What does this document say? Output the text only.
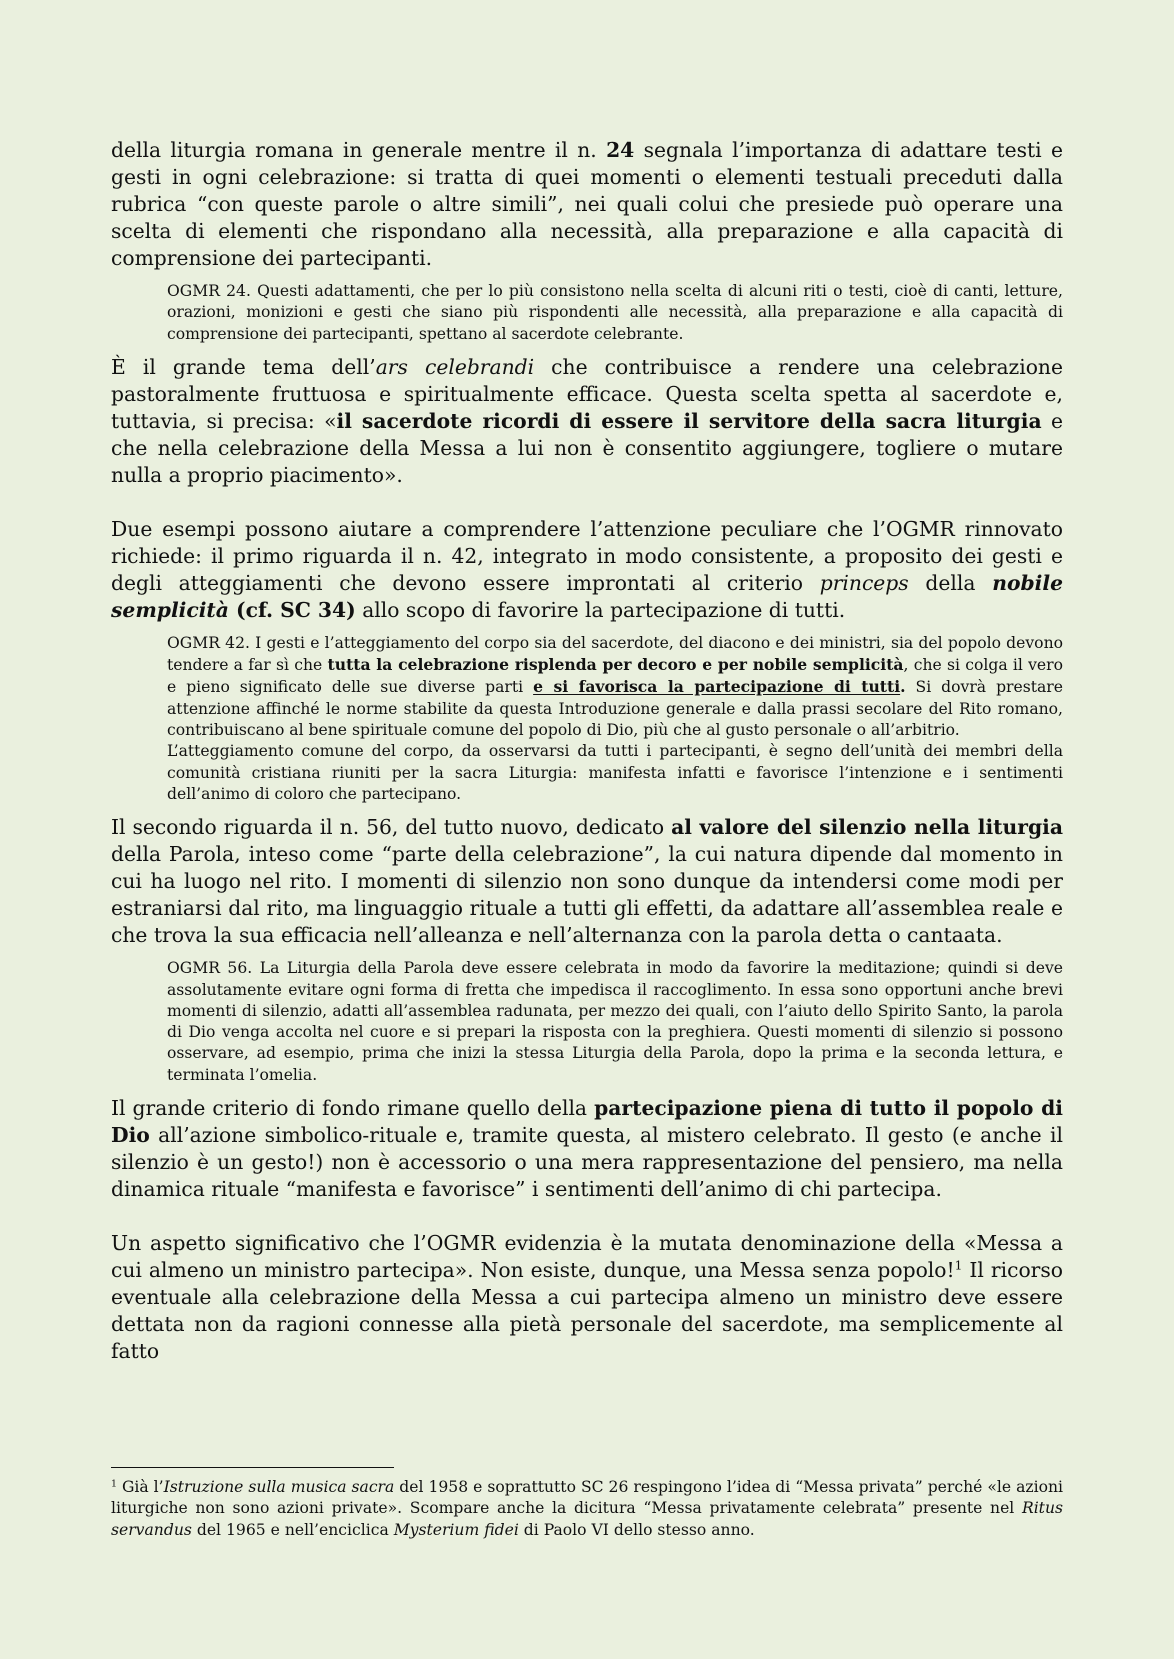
della liturgia romana in generale mentre il n. 24 segnala l’importanza di adattare testi e gesti in ogni celebrazione: si tratta di quei momenti o elementi testuali preceduti dalla rubrica “con queste parole o altre simili”, nei quali colui che presiede può operare una scelta di elementi che rispondano alla necessità, alla preparazione e alla capacità di comprensione dei partecipanti.

OGMR 24. Questi adattamenti, che per lo più consistono nella scelta di alcuni riti o testi, cioè di canti, letture, orazioni, monizioni e gesti che siano più rispondenti alle necessità, alla preparazione e alla capacità di comprensione dei partecipanti, spettano al sacerdote celebrante.

È il grande tema dell’ars celebrandi che contribuisce a rendere una celebrazione pastoralmente fruttuosa e spiritualmente efficace. Questa scelta spetta al sacerdote e, tuttavia, si precisa: «il sacerdote ricordi di essere il servitore della sacra liturgia e che nella celebrazione della Messa a lui non è consentito aggiungere, togliere o mutare nulla a proprio piacimento».

Due esempi possono aiutare a comprendere l’attenzione peculiare che l’OGMR rinnovato richiede: il primo riguarda il n. 42, integrato in modo consistente, a proposito dei gesti e degli atteggiamenti che devono essere improntati al criterio princeps della nobile semplicità (cf. SC 34) allo scopo di favorire la partecipazione di tutti.

OGMR 42. I gesti e l’atteggiamento del corpo sia del sacerdote, del diacono e dei ministri, sia del popolo devono tendere a far sì che tutta la celebrazione risplenda per decoro e per nobile semplicità, che si colga il vero e pieno significato delle sue diverse parti e si favorisca la partecipazione di tutti. Si dovrà prestare attenzione affinché le norme stabilite da questa Introduzione generale e dalla prassi secolare del Rito romano, contribuiscano al bene spirituale comune del popolo di Dio, più che al gusto personale o all’arbitrio.
L’atteggiamento comune del corpo, da osservarsi da tutti i partecipanti, è segno dell’unità dei membri della comunità cristiana riuniti per la sacra Liturgia: manifesta infatti e favorisce l’intenzione e i sentimenti dell’animo di coloro che partecipano.

Il secondo riguarda il n. 56, del tutto nuovo, dedicato al valore del silenzio nella liturgia della Parola, inteso come “parte della celebrazione”, la cui natura dipende dal momento in cui ha luogo nel rito. I momenti di silenzio non sono dunque da intendersi come modi per estraniarsi dal rito, ma linguaggio rituale a tutti gli effetti, da adattare all’assemblea reale e che trova la sua efficacia nell’alleanza e nell’alternanza con la parola detta o cantaata.

OGMR 56. La Liturgia della Parola deve essere celebrata in modo da favorire la meditazione; quindi si deve assolutamente evitare ogni forma di fretta che impedisca il raccoglimento. In essa sono opportuni anche brevi momenti di silenzio, adatti all’assemblea radunata, per mezzo dei quali, con l’aiuto dello Spirito Santo, la parola di Dio venga accolta nel cuore e si prepari la risposta con la preghiera. Questi momenti di silenzio si possono osservare, ad esempio, prima che inizi la stessa Liturgia della Parola, dopo la prima e la seconda lettura, e terminata l’omelia.

Il grande criterio di fondo rimane quello della partecipazione piena di tutto il popolo di Dio all’azione simbolico-rituale e, tramite questa, al mistero celebrato. Il gesto (e anche il silenzio è un gesto!) non è accessorio o una mera rappresentazione del pensiero, ma nella dinamica rituale “manifesta e favorisce” i sentimenti dell’animo di chi partecipa.

Un aspetto significativo che l’OGMR evidenzia è la mutata denominazione della «Messa a cui almeno un ministro partecipa». Non esiste, dunque, una Messa senza popolo!$^1$ Il ricorso eventuale alla celebrazione della Messa a cui partecipa almeno un ministro deve essere dettata non da ragioni connesse alla pietà personale del sacerdote, ma semplicemente al fatto

$^1$ Già l’Istruzione sulla musica sacra del 1958 e soprattutto SC 26 respingono l’idea di “Messa privata” perché «le azioni liturgiche non sono azioni private». Scompare anche la dicitura “Messa privatamente celebrata” presente nel Ritus servandus del 1965 e nell’enciclica Mysterium fidei di Paolo VI dello stesso anno.
